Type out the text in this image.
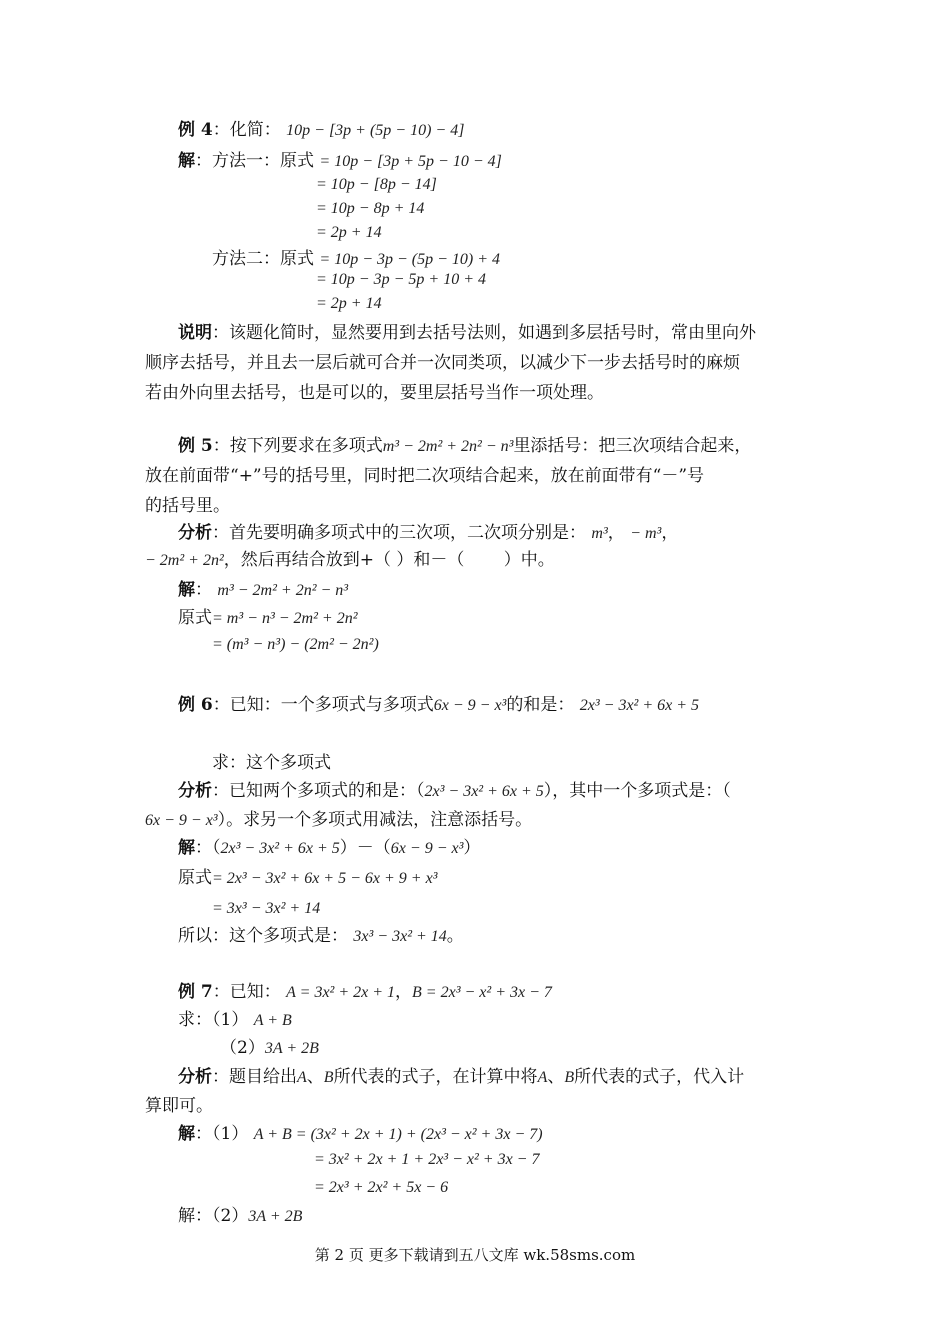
例 4：化简： 10p − [3p + (5p − 10) − 4]
解：方法一：原式 = 10p − [3p + 5p − 10 − 4]
= 10p − [8p − 14]
= 10p − 8p + 14
= 2p + 14
方法二：原式 = 10p − 3p − (5p − 10) + 4
= 10p − 3p − 5p + 10 + 4
= 2p + 14
说明：该题化简时，显然要用到去括号法则，如遇到多层括号时，常由里向外
顺序去括号，并且去一层后就可合并一次同类项，以减少下一步去括号时的麻烦
若由外向里去括号，也是可以的，要里层括号当作一项处理。
例 5：按下列要求在多项式m³ − 2m² + 2n² − n³里添括号：把三次项结合起来，
放在前面带“+”号的括号里，同时把二次项结合起来，放在前面带有“－”号
的括号里。
分析：首先要明确多项式中的三次项，二次项分别是： m³， − m³，
− 2m² + 2n²，然后再结合放到+（ ）和－（　　 ）中。
解： m³ − 2m² + 2n² − n³
原式= m³ − n³ − 2m² + 2n²
= (m³ − n³) − (2m² − 2n²)
例 6：已知：一个多项式与多项式6x − 9 − x³的和是： 2x³ − 3x² + 6x + 5
求：这个多项式
分析：已知两个多项式的和是：（2x³ − 3x² + 6x + 5），其中一个多项式是：（
6x − 9 − x³）。求另一个多项式用减法，注意添括号。
解：（2x³ − 3x² + 6x + 5）－（6x − 9 − x³）
原式= 2x³ − 3x² + 6x + 5 − 6x + 9 + x³
= 3x³ − 3x² + 14
所以：这个多项式是： 3x³ − 3x² + 14。
例 7：已知： A = 3x² + 2x + 1，B = 2x³ − x² + 3x − 7
求：（1） A + B
（2）3A + 2B
分析：题目给出A、B所代表的式子，在计算中将A、B所代表的式子，代入计
算即可。
解：（1） A + B = (3x² + 2x + 1) + (2x³ − x² + 3x − 7)
= 3x² + 2x + 1 + 2x³ − x² + 3x − 7
= 2x³ + 2x² + 5x − 6
解：（2）3A + 2B
第 2 页 更多下载请到五八文库 wk.58sms.com
